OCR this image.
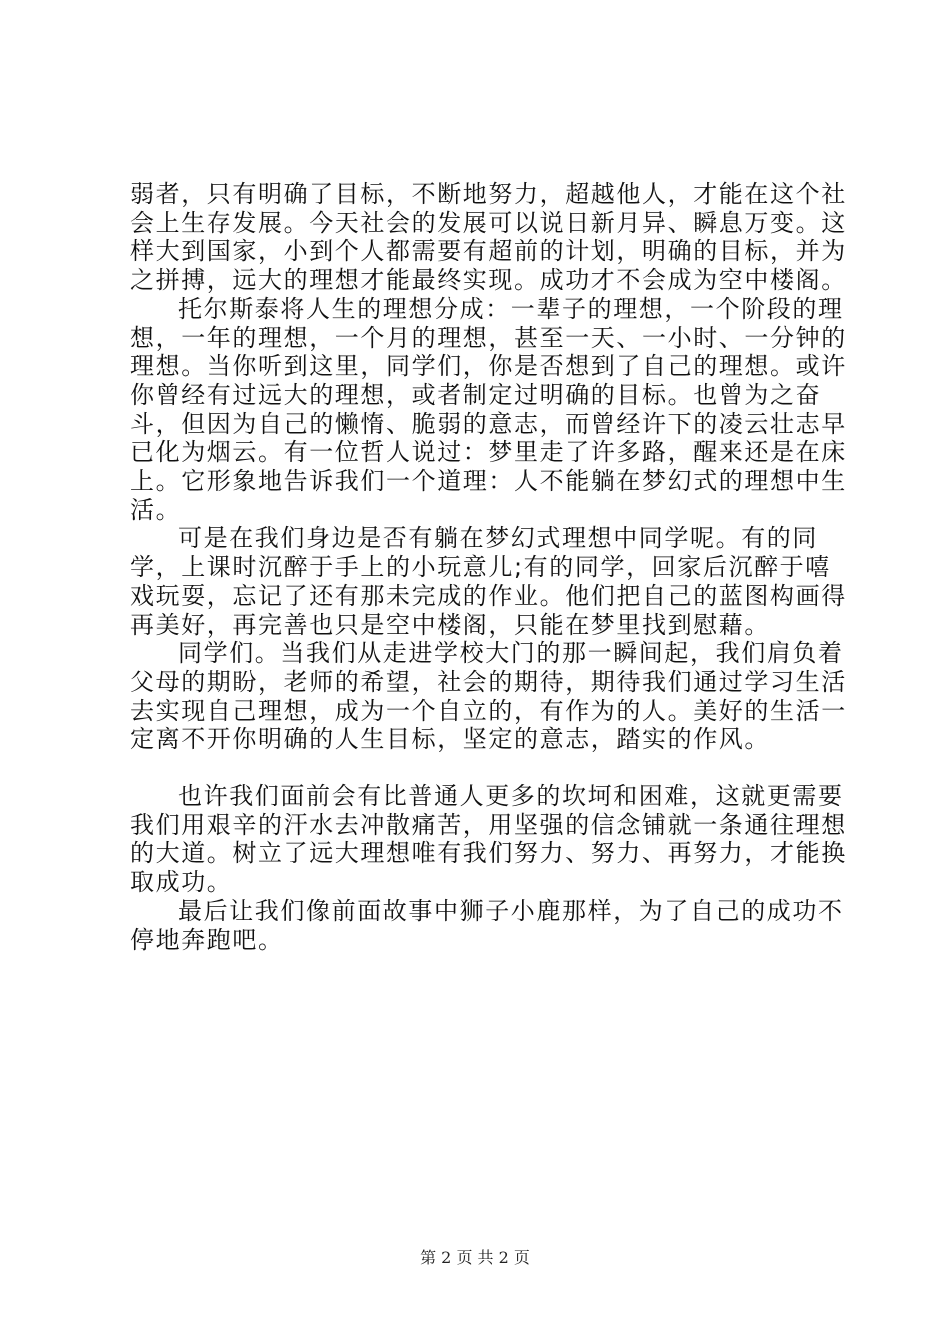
弱者，只有明确了目标，不断地努力，超越他人，才能在这个社会上生存发展。今天社会的发展可以说日新月异、瞬息万变。这样大到国家，小到个人都需要有超前的计划，明确的目标，并为之拼搏，远大的理想才能最终实现。成功才不会成为空中楼阁。

托尔斯泰将人生的理想分成：一辈子的理想，一个阶段的理想，一年的理想，一个月的理想，甚至一天、一小时、一分钟的理想。当你听到这里，同学们，你是否想到了自己的理想。或许你曾经有过远大的理想，或者制定过明确的目标。也曾为之奋斗，但因为自己的懒惰、脆弱的意志，而曾经许下的凌云壮志早已化为烟云。有一位哲人说过：梦里走了许多路，醒来还是在床上。它形象地告诉我们一个道理：人不能躺在梦幻式的理想中生活。

可是在我们身边是否有躺在梦幻式理想中同学呢。有的同学，上课时沉醉于手上的小玩意儿;有的同学，回家后沉醉于嘻戏玩耍，忘记了还有那未完成的作业。他们把自己的蓝图构画得再美好，再完善也只是空中楼阁，只能在梦里找到慰藉。

同学们。当我们从走进学校大门的那一瞬间起，我们肩负着父母的期盼，老师的希望，社会的期待，期待我们通过学习生活去实现自己理想，成为一个自立的，有作为的人。美好的生活一定离不开你明确的人生目标，坚定的意志，踏实的作风。

也许我们面前会有比普通人更多的坎坷和困难，这就更需要我们用艰辛的汗水去冲散痛苦，用坚强的信念铺就一条通往理想的大道。树立了远大理想唯有我们努力、努力、再努力，才能换取成功。

最后让我们像前面故事中狮子小鹿那样，为了自己的成功不停地奔跑吧。

第 2 页 共 2 页
